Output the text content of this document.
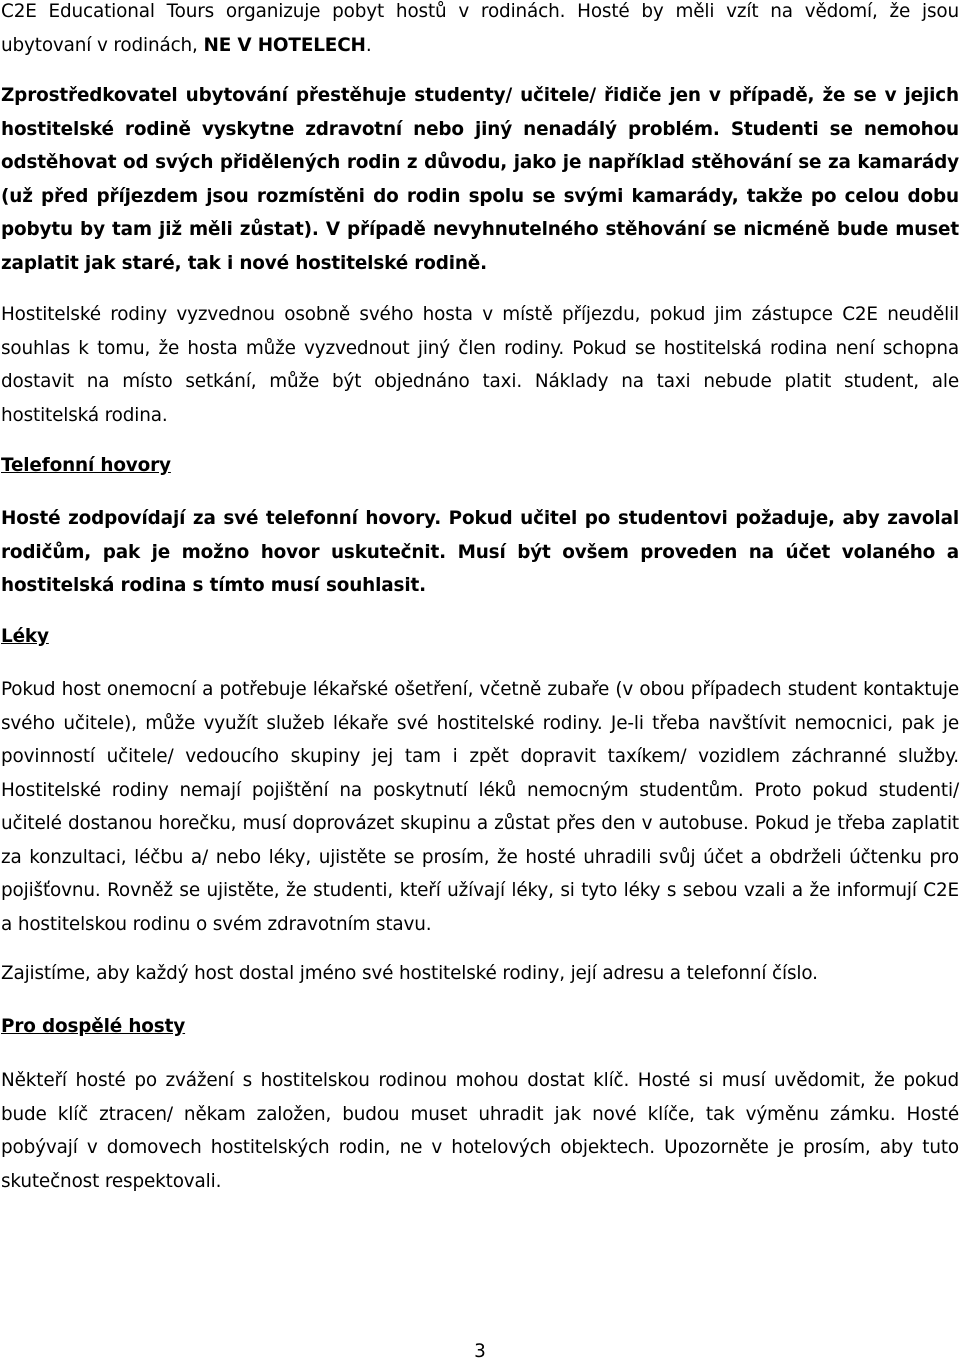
C2E Educational Tours organizuje pobyt hostů v rodinách. Hosté by měli vzít na vědomí, že jsou ubytovaní v rodinách, NE V HOTELECH.

Zprostředkovatel ubytování přestěhuje studenty/ učitele/ řidiče jen v případě, že se v jejich hostitelské rodině vyskytne zdravotní nebo jiný nenadálý problém. Studenti se nemohou odstěhovat od svých přidělených rodin z důvodu, jako je například stěhování se za kamarády (už před příjezdem jsou rozmístěni do rodin spolu se svými kamarády, takže po celou dobu pobytu by tam již měli zůstat). V případě nevyhnutelného stěhování se nicméně bude muset zaplatit jak staré, tak i nové hostitelské rodině.

Hostitelské rodiny vyzvednou osobně svého hosta v místě příjezdu, pokud jim zástupce C2E neudělil souhlas k tomu, že hosta může vyzvednout jiný člen rodiny. Pokud se hostitelská rodina není schopna dostavit na místo setkání, může být objednáno taxi. Náklady na taxi nebude platit student, ale hostitelská rodina.

Telefonní hovory

Hosté zodpovídají za své telefonní hovory. Pokud učitel po studentovi požaduje, aby zavolal rodičům, pak je možno hovor uskutečnit. Musí být ovšem proveden na účet volaného a hostitelská rodina s tímto musí souhlasit.

Léky

Pokud host onemocní a potřebuje lékařské ošetření, včetně zubaře (v obou případech student kontaktuje svého učitele), může využít služeb lékaře své hostitelské rodiny. Je-li třeba navštívit nemocnici, pak je povinností učitele/ vedoucího skupiny jej tam i zpět dopravit taxíkem/ vozidlem záchranné služby. Hostitelské rodiny nemají pojištění na poskytnutí léků nemocným studentům. Proto pokud studenti/ učitelé dostanou horečku, musí doprovázet skupinu a zůstat přes den v autobuse. Pokud je třeba zaplatit za konzultaci, léčbu a/ nebo léky, ujistěte se prosím, že hosté uhradili svůj účet a obdrželi účtenku pro pojišťovnu. Rovněž se ujistěte, že studenti, kteří užívají léky, si tyto léky s sebou vzali a že informují C2E a hostitelskou rodinu o svém zdravotním stavu.

Zajistíme, aby každý host dostal jméno své hostitelské rodiny, její adresu a telefonní číslo.

Pro dospělé hosty

Někteří hosté po zvážení s hostitelskou rodinou mohou dostat klíč. Hosté si musí uvědomit, že pokud bude klíč ztracen/ někam založen, budou muset uhradit jak nové klíče, tak výměnu zámku. Hosté pobývají v domovech hostitelských rodin, ne v hotelových objektech. Upozorněte je prosím, aby tuto skutečnost respektovali.

3
